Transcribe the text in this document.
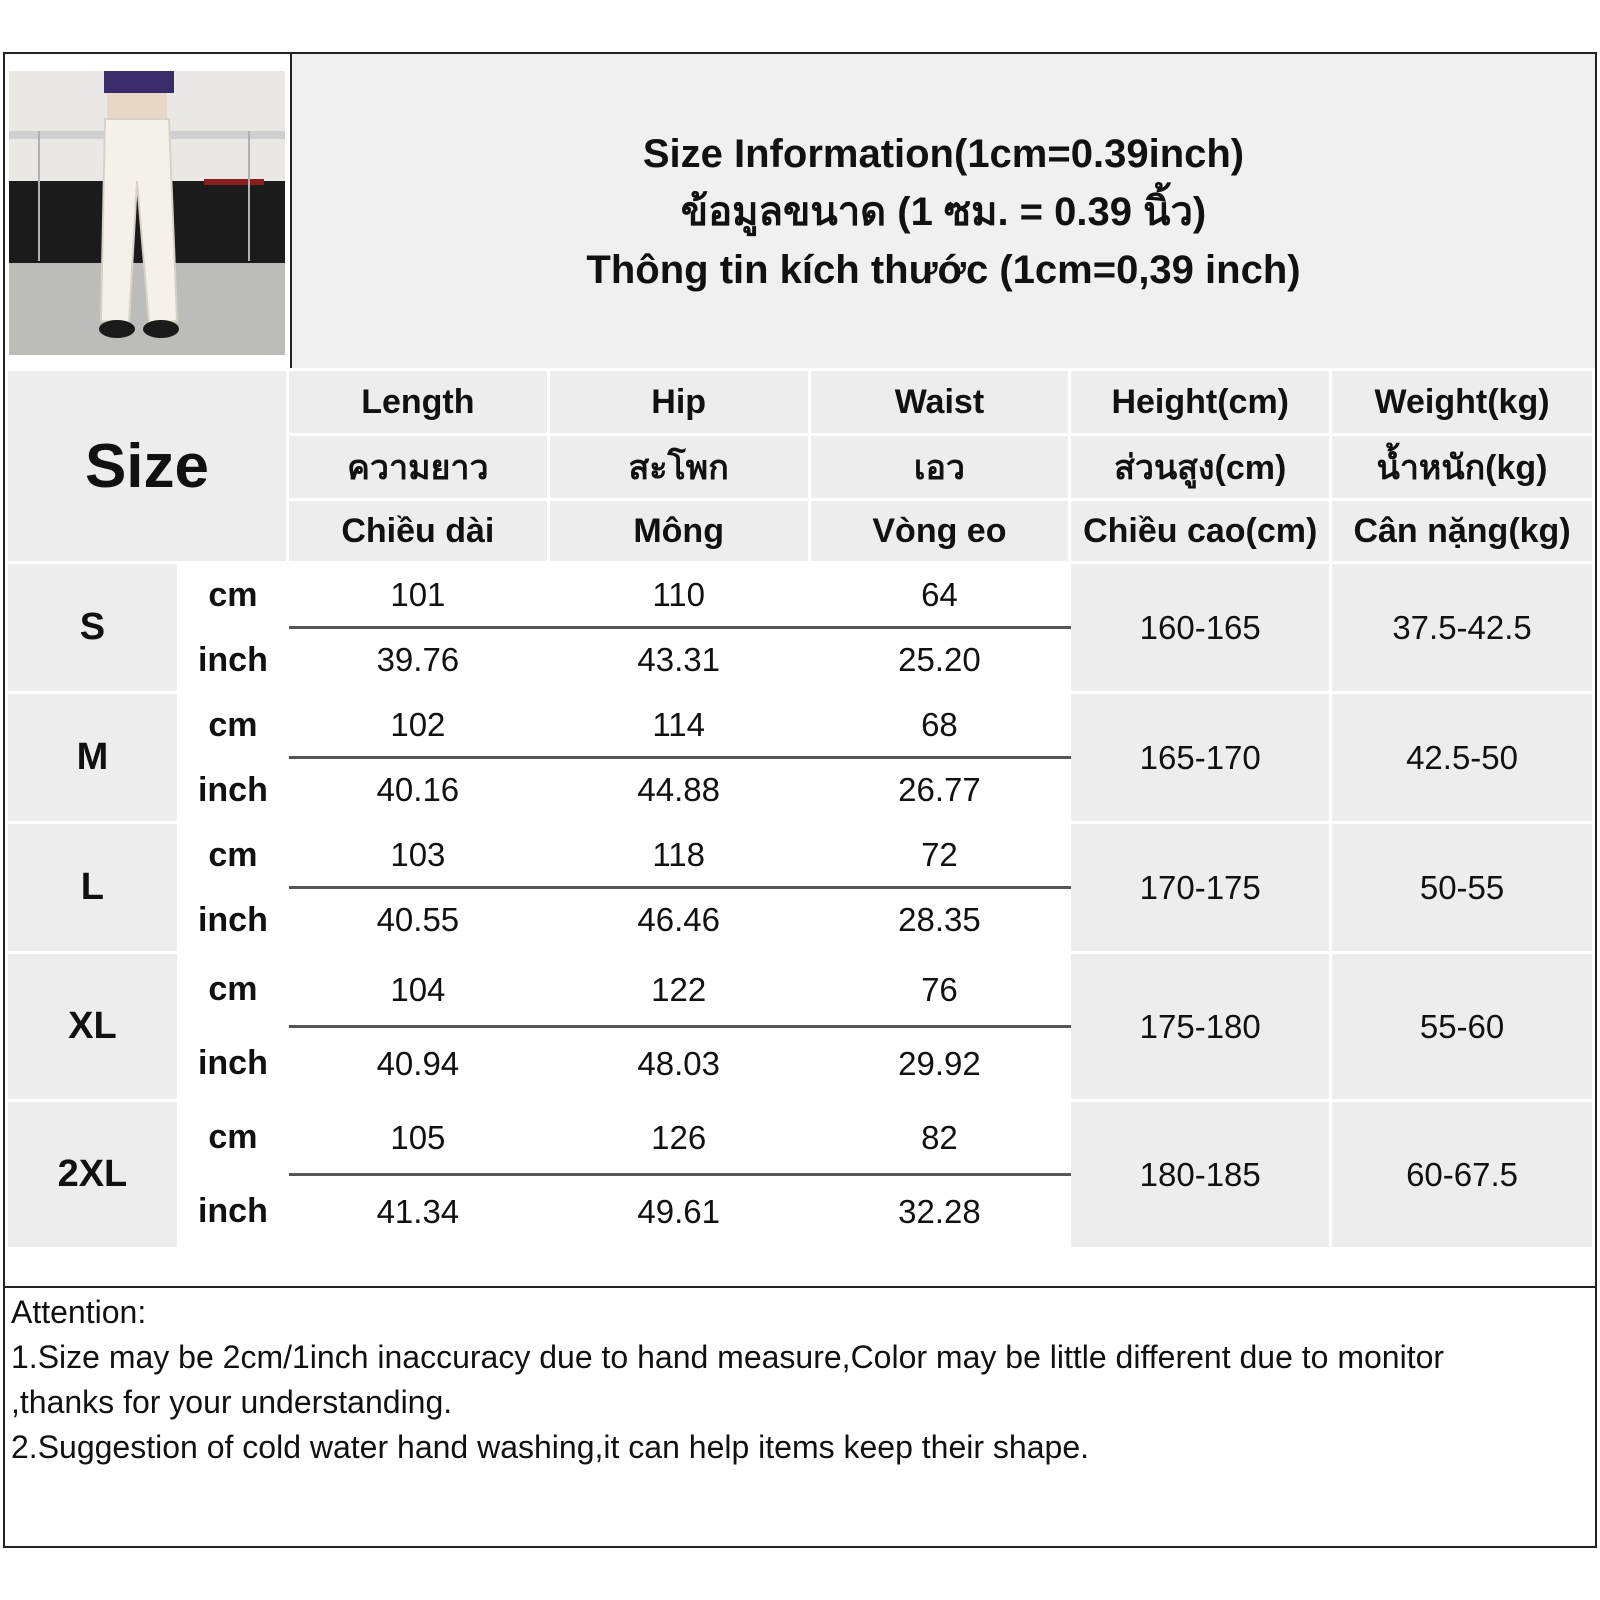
Size Information(1cm=0.39inch)
ข้อมูลขนาด (1 ซม. = 0.39 นิ้ว)
Thông tin kích thước (1cm=0,39 inch)
Size		Length	Hip	Waist	Height(cm)	Weight(kg)
		ความยาว	สะโพก	เอว	ส่วนสูง(cm)	น้ำหนัก(kg)
		Chiều dài	Mông	Vòng eo	Chiều cao(cm)	Cân nặng(kg)
S	cm	101	110	64	160-165	37.5-42.5
	inch	39.76	43.31	25.20		
M	cm	102	114	68	165-170	42.5-50
	inch	40.16	44.88	26.77		
L	cm	103	118	72	170-175	50-55
	inch	40.55	46.46	28.35		
XL	cm	104	122	76	175-180	55-60
	inch	40.94	48.03	29.92		
2XL	cm	105	126	82	180-185	60-67.5
	inch	41.34	49.61	32.28		
Attention:
1.Size may be 2cm/1inch inaccuracy due to hand measure,Color may be little different due to monitor
,thanks for your understanding.
2.Suggestion of cold water hand washing,it can help items keep their shape.
